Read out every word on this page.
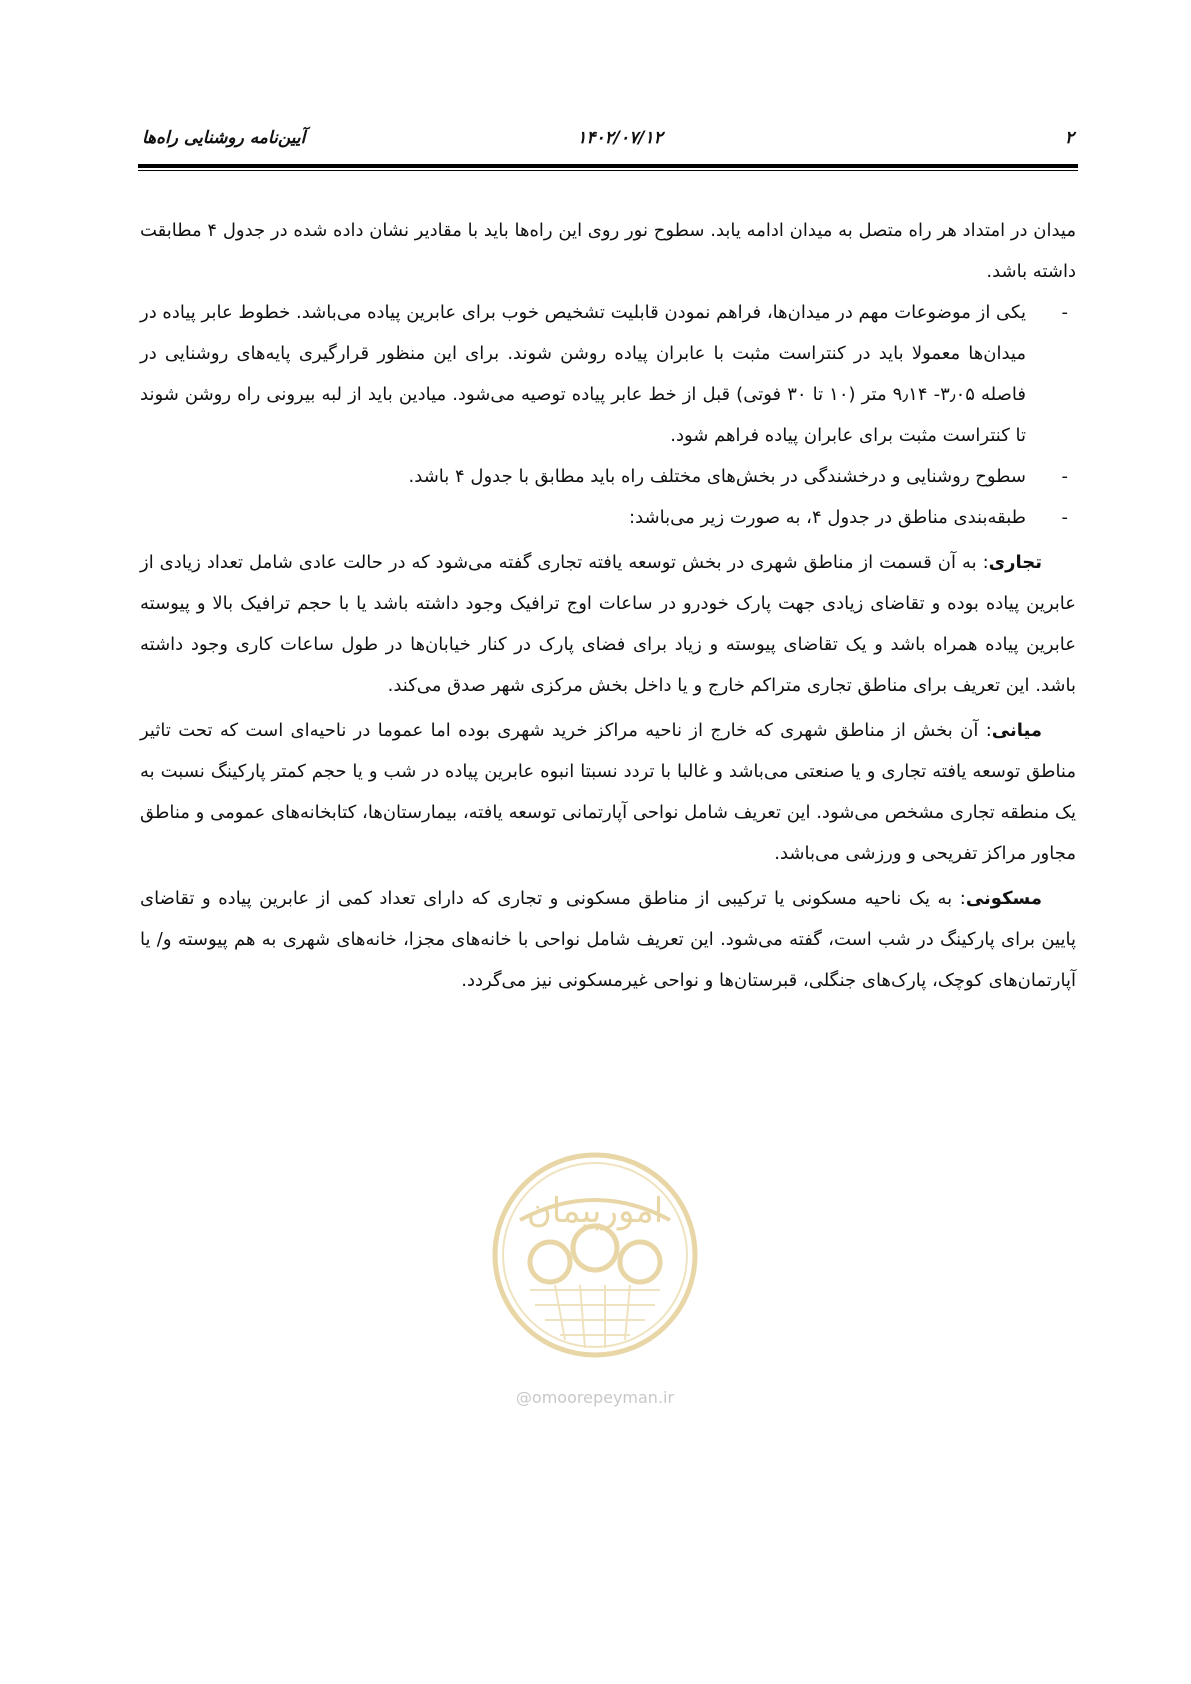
۲
۱۴۰۲/۰۷/۱۲
آیین‌نامه روشنایی راه‌ها

میدان در امتداد هر راه متصل به میدان ادامه یابد. سطوح نور روی این راه‌ها باید با مقادیر نشان داده شده در جدول ۴ مطابقت داشته باشد.

-
یکی از موضوعات مهم در میدان‌ها، فراهم نمودن قابلیت تشخیص خوب برای عابرین پیاده می‌باشد. خطوط عابر پیاده در میدان‌ها معمولا باید در کنتراست مثبت با عابران پیاده روشن شوند. برای این منظور قرارگیری پایه‌های روشنایی در فاصله ۳٫۰۵- ۹٫۱۴ متر (۱۰ تا ۳۰ فوتی) قبل از خط عابر پیاده توصیه می‌شود. میادین باید از لبه بیرونی راه روشن شوند تا کنتراست مثبت برای عابران پیاده فراهم شود.

-
سطوح روشنایی و درخشندگی در بخش‌های مختلف راه باید مطابق با جدول ۴ باشد.

-
طبقه‌بندی مناطق در جدول ۴، به صورت زیر می‌باشد:

تجاری: به آن قسمت از مناطق شهری در بخش توسعه یافته تجاری گفته می‌شود که در حالت عادی شامل تعداد زیادی از عابرین پیاده بوده و تقاضای زیادی جهت پارک خودرو در ساعات اوج ترافیک وجود داشته باشد یا با حجم ترافیک بالا و پیوسته عابرین پیاده همراه باشد و یک تقاضای پیوسته و زیاد برای فضای پارک در کنار خیابان‌ها در طول ساعات کاری وجود داشته باشد. این تعریف برای مناطق تجاری متراکم خارج و یا داخل بخش مرکزی شهر صدق می‌کند.

میانی: آن بخش از مناطق شهری که خارج از ناحیه مراکز خرید شهری بوده اما عموما در ناحیه‌ای است که تحت تاثیر مناطق توسعه یافته تجاری و یا صنعتی می‌باشد و غالبا با تردد نسبتا انبوه عابرین پیاده در شب و یا حجم کمتر پارکینگ نسبت به یک منطقه تجاری مشخص می‌شود. این تعریف شامل نواحی آپارتمانی توسعه یافته، بیمارستان‌ها، کتابخانه‌های عمومی و مناطق مجاور مراکز تفریحی و ورزشی می‌باشد.

مسکونی: به یک ناحیه مسکونی یا ترکیبی از مناطق مسکونی و تجاری که دارای تعداد کمی از عابرین پیاده و تقاضای پایین برای پارکینگ در شب است، گفته می‌شود. این تعریف شامل نواحی با خانه‌های مجزا، خانه‌های شهری به هم پیوسته و/ یا آپارتمان‌های کوچک، پارک‌های جنگلی، قبرستان‌ها و نواحی غیرمسکونی نیز می‌گردد.

امورپیمان
@omoorepeyman.ir
